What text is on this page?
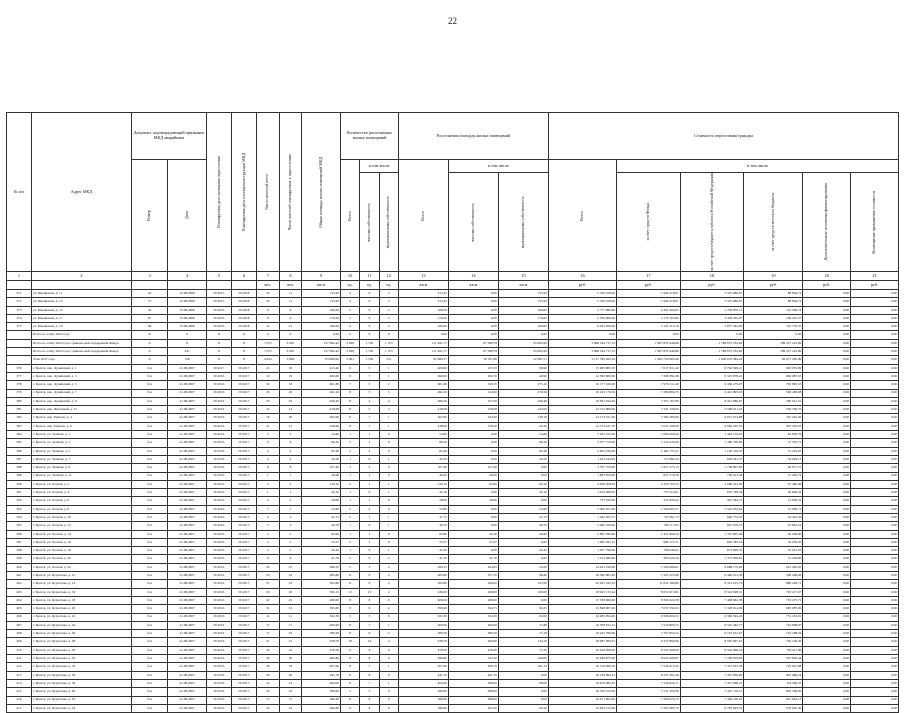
22
№ п/п	Адрес МКД	Документ, подтверждающий признание МКД аварийным		Планируемая дата окончания переселения	Планируемая дата сноса/реконструкции МКД	Число жителей всего	Число жителей планируемых к переселению	Общая площадь жилых помещений МКД	Количество расселяемых жилых помещений			Расселяемая площадь жилых помещений			Стоимость переселения граждан					

		Номер	Дата						Всего	в том числе		Всего	в том числе		Всего	в том числе				

										частная собственность	муниципальная собственность		частная собственность	муниципальная собственность		за счет средств Фонда	за счет средств бюджета субъекта Российской Федерации	за счет средств местного бюджета	Дополнительные источники финансирования	Возмещение превышения стоимости

1	2	3	4	5	6	7	8	9	10	11	12	13	14	15	16	17	18	19	20	21
						чел.	чел.	кв.м	ед.	ед.	ед.	кв.м	кв.м	кв.м	руб.	руб.	руб.	руб.	руб.	руб.
371	ул. Кирпичная, д. 11	40	15.08.2006	IV.2015	IV.2018	16	11	153,45	4	0	4	153,45	0,00	153,45	5 350 618,00	1 996 118,01	3 325 686,87	88 804,72	0,00	0,00
372	ул. Кирпичная, д. 13	73	15.08.2006	IV.2015	IV.2018	16	11	153,45	4	0	4	153,45	0,00	153,45	5 350 618,00	1 996 118,01	3 325 686,87	88 804,72	0,00	0,00
373	ул. Кирпичная, д. 15	45	15.08.2006	IV.2016	IV.2018	6	6	106,00	2	0	2	106,00	0,00	106,00	3 777 680,00	2 402 363,05	1 259 835,11	125 509,74	0,00	0,00
374	ул. Кирпичная, д. 17	67	15.08.2006	IV.2016	IV.2018	8	9	170,00	3	0	3	170,00	0,00	170,00	5 700 000,00	2 175 103,86	3 438 205,07	109 461,57	0,00	0,00
375	ул. Кирпичная, д. 19	68	15.08.2006	IV.2016	IV.2018	14	21	190,00	4	0	4	190,00	0,00	190,00	6 043 200,00	2 145 115,19	3 877 442,00	122 735,55	0,00	0,00
	Итого по этапу 2016 года	X	0	X	X	0	0	0,00	0	0	0	0,00	0,00	0,00	0,00	0,00	0,00	0,00	0,00	0,00
	Итого по этапу 2016 года с финансовой поддержкой Фонда	X	X	X	X	7 272	6 991	127 692,42	2 828	1 705	1 123	111 491,77	67 588,78	43 902,99	3 886 344 717,74	1 807 833 946,86	1 788 675 532,60	189 227 222,89	0,00	0,00
	Итого по этапу 2016 года с финансовой поддержкой Фонда	X	431	X	X	7 272	6 991	127 692,42	2 828	1 705	1 123	111 491,77	67 588,78	43 902,99	3 886 344 717,74	1 807 833 946,86	1 788 675 532,60	189 227 222,89	0,00	0,00
	Этап 2017 года	X	158	X	X	4 654	3 882	83 666,92	2 061	1 530	531	91 986,37	58 701,86	32 987,51	3 157 789 265,54	1 463 759 963,46	1 609 653 484,24	82 677 285,89	0,00	0,00
376	г. Братск, пер. Дунайский, д. 1	б/н	21.08.2007	IV.2017	IV.2017	21	16	415,40	6	5	1	409,90	125,70	98,90	15 685 865,70	7 017 811,40	6 704 599,21	903 055,09	0,00	0,00
377	г. Братск, пер. Дунайский, д. 3	б/н	21.08.2007	IV.2016	IV.2017	19	19	490,00	8	7	1	490,00	290,70	46,90	14 560 900,60	7 368 582,48	6 325 878,22	666 987,55	0,00	0,00
378	г. Братск, пер. Дунайский, д. 5	б/н	21.08.2007	IV.2016	IV.2017	32	33	601,80	7	5	2	601,80	326,70	275,10	19 177 166,00	7 976 511,40	9 436 279,07	763 895,53	0,00	0,00
379	г. Братск, пер. Дунайский, д. 7	б/н	21.08.2007	IV.2016	IV.2017	25	20	492,16	8	5	3	492,16	212,60	279,56	16 225 176,50	7 289 866,73	6 441 895,03	596 438,68	0,00	0,00
380	г. Братск, пер. Дунайский, д. 9	б/н	21.08.2007	IV.2016	IV.2017	23	16	626,20	8	4	4	486,20	237,50	166,40	16 397 944,50	7 355 197,86	8 421 866,81	590 041,52	0,00	0,00
381	г. Братск, пер. Янтарный, д. 27	б/н	21.08.2007	IV.2016	IV.2017	14	14	418,08	8	5	3	418,08	276,08	142,00	14 315 800,00	7 341 726,00	6 599 611,22	530 356,75	0,00	0,00
382	г. Братск, пер. Ершова, д. 4	б/н	21.08.2007	IV.2016	IV.2017	18	20	402,90	8	7	1	402,90	234,20	138,10	14 175 611,30	7 284 285,90	6 631 074,88	457 291,20	0,00	0,00
383	г. Братск, пер. Ершова, д. 6	б/н	21.08.2007	IV.2016	IV.2017	21	21	438,90	8	7	1	438,90	378,40	45,20	14 753 447,70	7 022 199,06	6 684 455,53	407 293,03	0,00	0,00
384	г. Братск, ул. Зелёная, д. 1	б/н	21.08.2007	IV.2016	IV.2017	2	2	54,60	1	1	0	54,60	0,00	54,60	3 267 015,00	1 694 004,69	1 464 159,91	64 850,70	0,00	0,00
385	г. Братск, ул. Зелёная, д. 3	б/н	21.08.2007	IV.2016	IV.2017	6	6	86,20	2	2	0	86,20	0,00	86,20	3 077 779,00	1 545 643,06	1 386 799,82	72 335,75	0,00	0,00
386	г. Братск, ул. Зелёная, д. 5	б/н	21.08.2007	IV.2016	IV.2017	4	4	82,40	2	2	0	82,40	0,00	82,40	2 603 330,00	1 482 737,47	1 120 316,55	51 222,05	0,00	0,00
387	г. Братск, ул. Зелёная, д. 7	б/н	21.08.2007	IV.2016	IV.2017	4	4	42,50	1	0	1	42,50	0,00	42,50	1 454 544,95	725 984,43	694 561,57	34 049,13	0,00	0,00
388	г. Братск, ул. Зелёная, д. 9	б/н	21.08.2007	IV.2016	IV.2017	8	8	107,40	3	3	0	107,40	107,40	0,00	3 797 370,00	1 627 275,13	1 738 897,85	60 671,75	0,00	0,00
389	г. Братск, ул. Зелёная, д. 11	б/н	21.08.2007	IV.2016	IV.2017	1	1	46,00	1	1	0	46,00	46,00	0,00	1 883 870,00	825 776,39	756 613,36	31 463,72	0,00	0,00
390	г. Братск, ул. Лесная, д. 2	б/н	21.08.2007	IV.2016	IV.2017	3	3	130,10	2	1	1	130,10	65,00	65,10	4 499 308,50	2 329 705,53	2 066 412,00	97 490,96	0,00	0,00
391	г. Братск, ул. Лесная, д. 4	б/н	21.08.2007	IV.2016	IV.2017	1	1	42,10	1	0	1	42,10	0,00	42,10	1 454 368,95	753 514,61	670 748,36	26 849,22	0,00	0,00
392	г. Братск, ул. Лесная, д. 6	б/н	21.08.2007	IV.2016	IV.2017	2	2	28,00	1	1	0	28,00	28,00	0,00	737 526,00	374 606,42	397 264,37	12 950,31	0,00	0,00
393	г. Братск, ул. Лесная, д. 8	б/н	21.08.2007	IV.2016	IV.2017	7	7	53,60	2	2	0	53,60	0,00	53,60	3 060 871,00	1 509 663,57	1 542 054,04	31 950,71	0,00	0,00
394	г. Братск, ул. Лесная, д. 10	б/н	21.08.2007	IV.2016	IV.2017	4	4	41,75	2	1	1	41,75	0,00	41,75	1 442 205,75	747 061,75	660 774,35	24 410,36	0,00	0,00
395	г. Братск, ул. Лесная, д. 12	б/н	21.08.2007	IV.2016	IV.2017	3	3	46,70	1	0	1	46,70	0,00	46,70	2 460 526,00	766 717,83	667 979,73	25 861,52	0,00	0,00
396	г. Братск, ул. Лесная, д. 14	б/н	21.08.2007	IV.2016	IV.2017	2	2	82,90	1	1	0	82,90	42,30	40,60	2 863 780,00	1 452 966,54	1 337 605,49	29 209,60	0,00	0,00
397	г. Братск, ул. Лесная, д. 16	б/н	21.08.2007	IV.2016	IV.2017	2	2	55,57	2	2	0	55,57	55,57	0,00	1 682 293,15	986 171,51	692 585,16	34 054,20	0,00	0,00
398	г. Братск, ул. Лесная, д. 18	б/н	21.08.2007	IV.2016	IV.2017	2	2	42,20	1	0	1	42,20	0,00	42,20	1 457 798,00	768 040,02	673 609,35	25 013,50	0,00	0,00
399	г. Братск, ул. Лесная, д. 20	б/н	21.08.2007	IV.2016	IV.2017	6	6	41,70	2	0	2	41,70	41,70	0,00	1 153 480,00	583 022,59	1 373 906,81	31 229,60	0,00	0,00
400	г. Братск, ул. Лесная, д. 22	б/н	21.08.2007	IV.2016	IV.2017	22	27	289,35	5	3	2	289,35	264,85	24,50	14 425 190,00	7 206 696,01	6 688 179,00	612 405,05	0,00	0,00
401	г. Братск, ул. Курчатова, д. 12	б/н	21.08.2007	IV.2016	IV.2017	25	22	485,80	8	6	2	485,80	357,70	98,40	16 390 881,65	7 203 325,88	6 466 012,39	598 268,00	0,00	0,00
402	г. Братск, ул. Курчатова, д. 14	б/н	21.08.2007	IV.2016	IV.2017	27	23	593,80	8	6	2	565,80	446,00	147,00	22 925 343,55	11 654 180,86	8 312 012,76	880 228,71	0,00	0,00
403	г. Братск, ул. Курчатова, д. 16	б/н	21.08.2007	IV.2016	IV.2017	20	20	590,15	15	13	2	436,00	436,00	100,00	18 945 133,24	8 812 613,81	8 322 098,31	703 217,07	0,00	0,00
404	г. Братск, ул. Курчатова, д. 18	б/н	21.08.2007	IV.2016	IV.2017	22	22	406,00	8	8	0	406,00	406,00	0,00	17 338 066,00	8 304 024,58	7 408 662,38	733 475,71	0,00	0,00
405	г. Братск, ул. Курчатова, д. 20	б/н	21.08.2007	IV.2016	IV.2017	31	31	395,00	8	6	2	395,00	304,75	90,25	15 848 007,00	7 057 332,02	5 328 914,96	965 087,00	0,00	0,00
406	г. Братск, ул. Курчатова, д. 22	б/н	21.08.2007	IV.2016	IV.2017	12	11	322,30	5	5	0	322,30	322,30	92,00	16 485 854,00	6 566 606,32	6 306 394,43	751 181,01	0,00	0,00
407	г. Братск, ул. Курчатова, д. 24	б/н	21.08.2007	IV.2016	IV.2017	17	17	400,00	8	7	1	400,00	400,00	71,80	16 708 812,15	7 516 895,53	6 525 462,77	744 608,97	0,00	0,00
408	г. Братск, ул. Курчатова, д. 26	б/н	21.08.2007	IV.2016	IV.2017	17	16	389,30	8	6	2	389,30	389,30	72,18	16 245 796,60	7 297 852,53	6 716 612,07	722 188,24	0,00	0,00
409	г. Братск, ул. Курчатова, д. 28	б/н	21.08.2007	IV.2016	IV.2017	21	21	538,70	18	14	4	538,70	406,60	134,10	18 987 585,91	9 337 869,69	8 505 967,01	792 140,20	0,00	0,00
410	г. Братск, ул. Курчатова, д. 30	б/н	21.08.2007	IV.2016	IV.2017	22	22	476,50	6	6	0	476,50	476,00	71,50	16 449 698,95	8 334 309,09	6 504 969,19	704 411,80	0,00	0,00
411	г. Братск, ул. Курчатова, д. 32	б/н	21.08.2007	IV.2016	IV.2017	20	20	480,80	8	8	0	480,80	347,20	240,00	16 636 875,00	8 624 568,87	7 258 918,83	597 993,44	0,00	0,00
412	г. Братск, ул. Курчатова, д. 34	б/н	21.08.2007	IV.2016	IV.2017	18	18	407,90	8	7	1	407,90	306,76	101,14	16 519 096,50	7 542 015,25	7 451 953,38	719 927,88	0,00	0,00
413	г. Братск, ул. Курчатова, д. 36	б/н	21.08.2007	IV.2016	IV.2017	20	20	441,70	8	8	0	441,70	441,70	0,00	16 236 894,15	8 335 361,40	7 437 836,60	697 686,24	0,00	0,00
414	г. Братск, ул. Курчатова, д. 38	б/н	21.08.2007	IV.2016	IV.2017	14	14	464,00	8	7	1	464,00	366,00	98,00	16 678 082,25	7 556 624,71	7 437 668,21	724 506,55	0,00	0,00
415	г. Братск, ул. Курчатова, д. 40	б/н	21.08.2007	IV.2016	IV.2017	16	16	389,00	5	5	0	389,00	389,00	0,00	16 350 014,50	7 531 503,06	7 433 718,51	692 358,92	0,00	0,00
416	г. Братск, ул. Курчатова, д. 42	б/н	21.08.2007	IV.2016	IV.2017	17	17	386,60	8	8	0	386,60	386,60	0,00	16 471 862,00	7 569 872,53	7 439 196,01	621 663,13	0,00	0,00
417	г. Братск, ул. Курчатова, д. 44	б/н	21.08.2007	IV.2016	IV.2017	22	22	396,60	8	8	0	396,60	302,50	94,10	16 632 315,00	7 291 085,70	6 783 693,55	576 667,40	0,00	0,00
